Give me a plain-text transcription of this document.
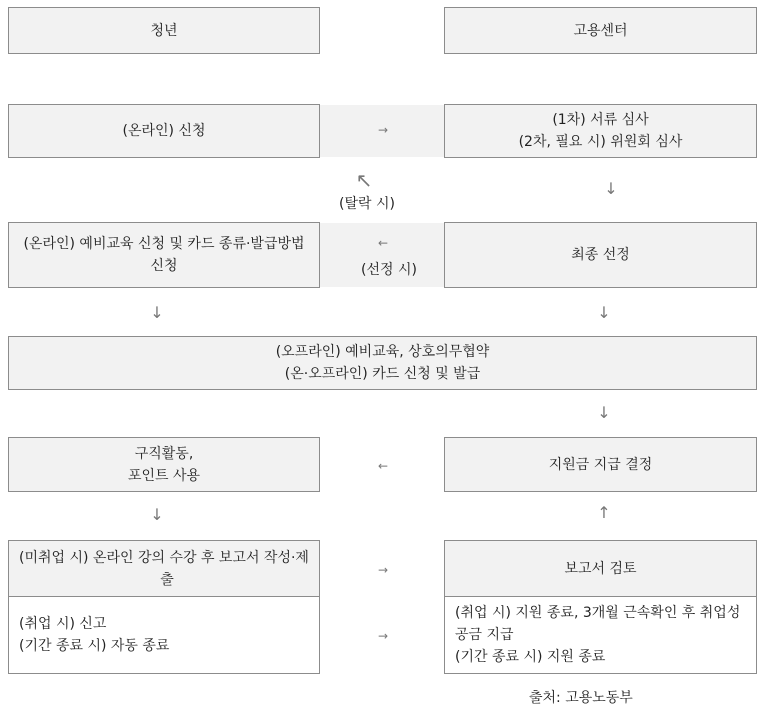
청년	고용센터
(온라인) 신청	→
(1차) 서류 심사
(2차, 필요 시) 위원회 심사
↖
(탈락 시)
↓
(온라인) 예비교육 신청 및 카드 종류·발급방법
신청
←
(선정 시)
최종 선정
↓	↓
(오프라인) 예비교육, 상호의무협약
(온·오프라인) 카드 신청 및 발급
↓
구직활동,
포인트 사용
←	지원금 지급 결정
↓	↑
(미취업 시) 온라인 강의 수강 후 보고서 작성·제
출
(취업 시) 신고
(기간 종료 시) 자동 종료
→
→
보고서 검토
(취업 시) 지원 종료, 3개월 근속확인 후 취업성
공금 지급
(기간 종료 시) 지원 종료
출처: 고용노동부
